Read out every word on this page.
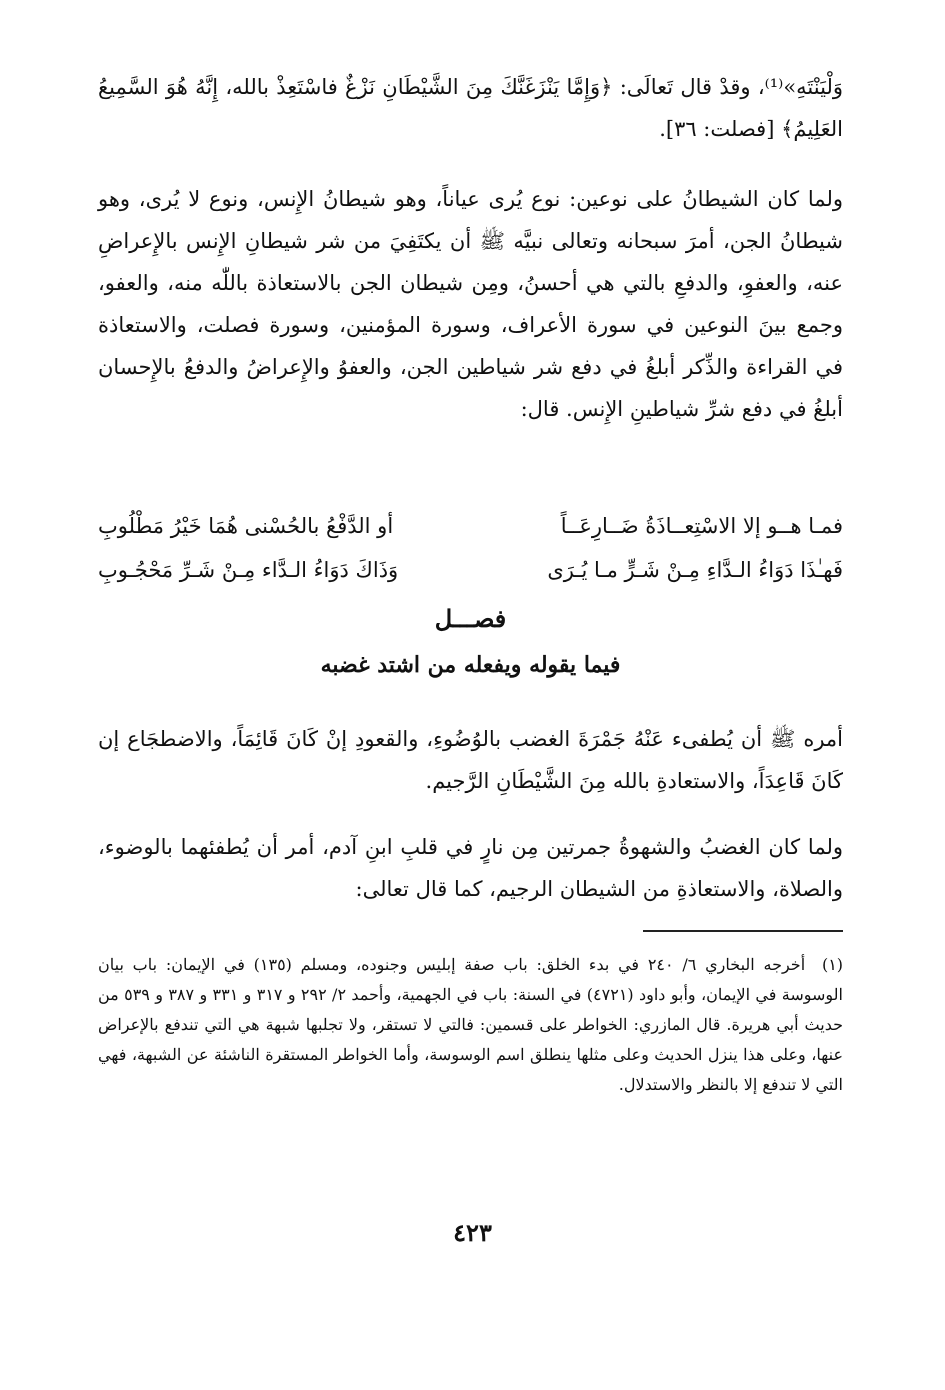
وَلْيَنْتَهِ»⁽¹⁾، وقدْ قال تَعالَى: ﴿وَإِمَّا يَنْزَغَنَّكَ مِنَ الشَّيْطَانِ نَزْغٌ فاسْتَعِذْ بالله، إِنَّهُ هُوَ السَّمِيعُ العَلِيمُ﴾ [فصلت: ٣٦].

ولما كان الشيطانُ على نوعين: نوع يُرى عياناً، وهو شيطانُ الإِنس، ونوع لا يُرى، وهو شيطانُ الجن، أمرَ سبحانه وتعالى نبيَّه ﷺ أن يكتَفِيَ من شر شيطانِ الإِنس بالإِعراضِ عنه، والعفوِ، والدفعِ بالتي هي أحسنُ، ومِن شيطان الجن بالاستعاذة باللّٰه منه، والعفو، وجمع بينَ النوعين في سورة الأعراف، وسورة المؤمنين، وسورة فصلت، والاستعاذة في القراءة والذِّكر أبلغُ في دفع شر شياطين الجن، والعفوُ والإِعراضُ والدفعُ بالإِحسان أبلغُ في دفع شرِّ شياطينِ الإِنس. قال:

فمـا هــو إلا الاسْتِعــاذَةُ ضَــارِعَــاً
أو الدَّفْعُ بالحُسْنى هُمَا خَيْرُ مَطْلُوبِ
فَهـٰذَا دَوَاءُ الـدَّاءِ مِـنْ شَـرٍّ مـا يُـرَى
وَذَاكَ دَوَاءُ الـدَّاء مِـنْ شَـرِّ مَحْجُـوبِ
فصـــل
فيما يقوله ويفعله من اشتد غضبه

أمره ﷺ أن يُطفىء عَنْهُ جَمْرَةَ الغضب بالوُضُوءِ، والقعودِ إنْ كَانَ قَائِمَاً، والاضطجَاع إن كَانَ قَاعِدَاً، والاستعادةِ بالله مِنَ الشَّيْطَانِ الرَّجيم.

ولما كان الغضبُ والشهوةُ جمرتين مِن نارٍ في قلبِ ابنِ آدم، أمر أن يُطفئهما بالوضوء، والصلاة، والاستعاذةِ من الشيطان الرجيم، كما قال تعالى:

(١) أخرجه البخاري ٦/ ٢٤٠ في بدء الخلق: باب صفة إبليس وجنوده، ومسلم (١٣٥) في الإيمان: باب بيان الوسوسة في الإيمان، وأبو داود (٤٧٢١) في السنة: باب في الجهمية، وأحمد ٢/ ٢٩٢ و ٣١٧ و ٣٣١ و ٣٨٧ و ٥٣٩ من حديث أبي هريرة. قال المازري: الخواطر على قسمين: فالتي لا تستقر، ولا تجلبها شبهة هي التي تندفع بالإعراض عنها، وعلى هذا ينزل الحديث وعلى مثلها ينطلق اسم الوسوسة، وأما الخواطر المستقرة الناشئة عن الشبهة، فهي التي لا تندفع إلا بالنظر والاستدلال.
٤٢٣
